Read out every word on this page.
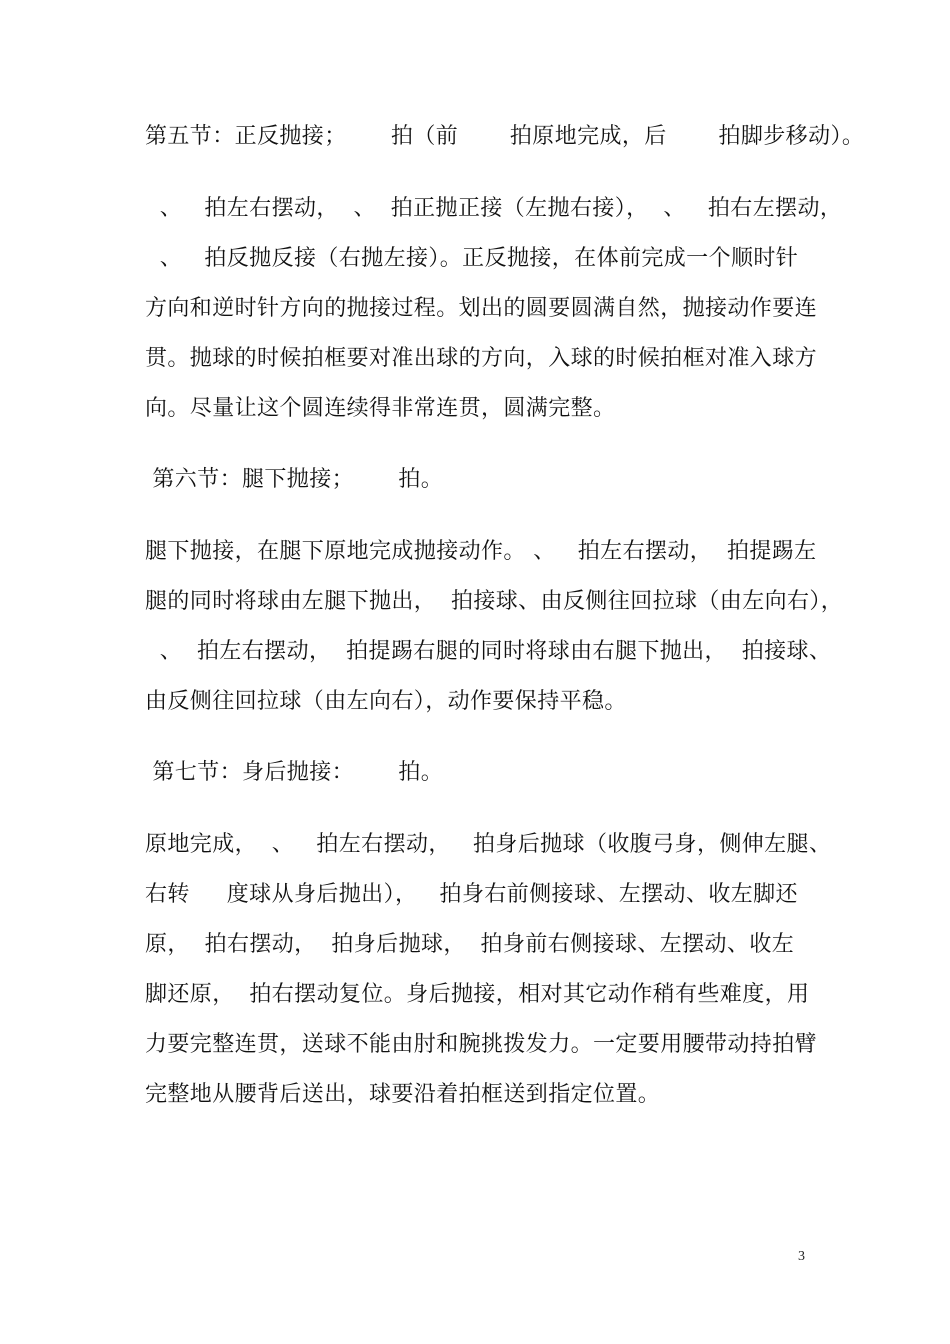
第五节：正反抛接；      拍（前       拍原地完成，后       拍脚步移动）。
、   拍左右摆动，  、  拍正抛正接（左抛右接），  、   拍右左摆动，
、   拍反抛反接（右抛左接）。正反抛接，在体前完成一个顺时针
方向和逆时针方向的抛接过程。划出的圆要圆满自然，抛接动作要连
贯。抛球的时候拍框要对准出球的方向，入球的时候拍框对准入球方
向。尽量让这个圆连续得非常连贯，圆满完整。
第六节：腿下抛接；      拍。
腿下抛接，在腿下原地完成抛接动作。 、   拍左右摆动，  拍提踢左
腿的同时将球由左腿下抛出，  拍接球、由反侧往回拉球（由左向右），
、  拍左右摆动，  拍提踢右腿的同时将球由右腿下抛出，  拍接球、
由反侧往回拉球（由左向右），动作要保持平稳。
第七节：身后抛接：      拍。
原地完成，  、   拍左右摆动，   拍身后抛球（收腹弓身，侧伸左腿、
右转     度球从身后抛出），   拍身右前侧接球、左摆动、收左脚还
原，  拍右摆动，  拍身后抛球，  拍身前右侧接球、左摆动、收左
脚还原，  拍右摆动复位。身后抛接，相对其它动作稍有些难度，用
力要完整连贯，送球不能由肘和腕挑拨发力。一定要用腰带动持拍臂
完整地从腰背后送出，球要沿着拍框送到指定位置。
3
